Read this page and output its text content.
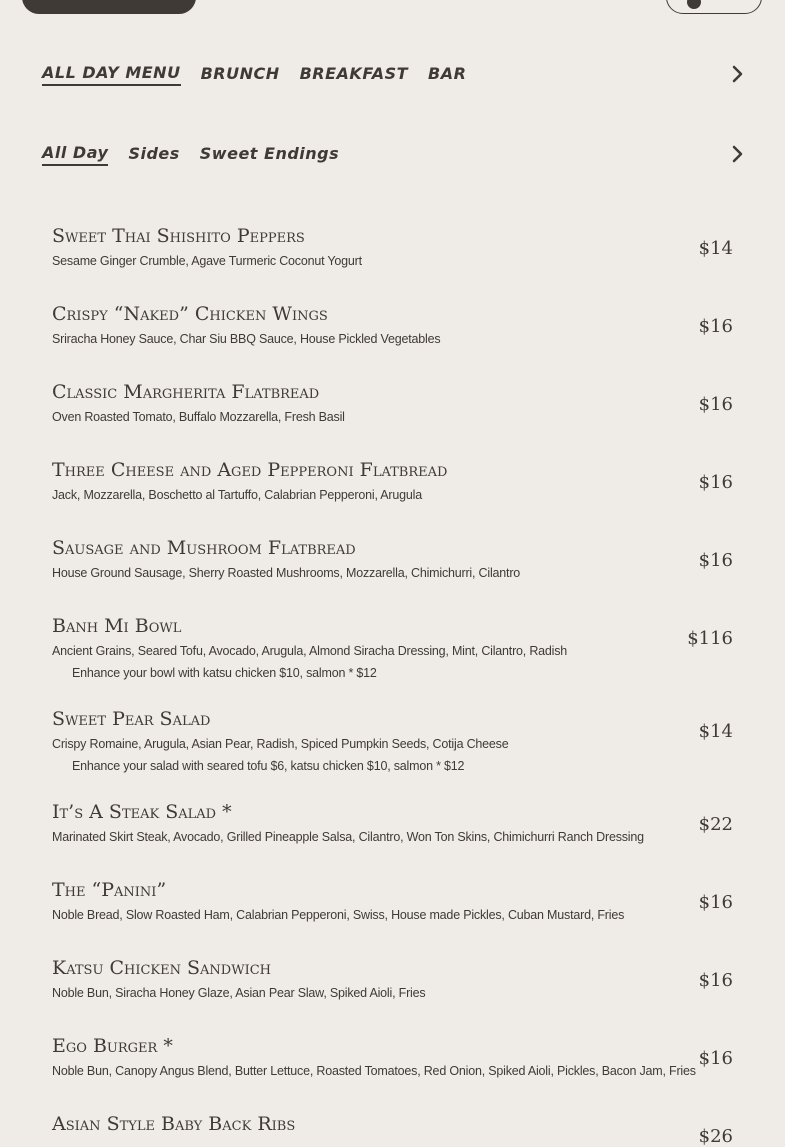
ALL DAY MENU BRUNCH BREAKFAST BAR
All Day Sides Sweet Endings
Sweet Thai Shishito Peppers
Sesame Ginger Crumble, Agave Turmeric Coconut Yogurt
$14
Crispy “Naked” Chicken Wings
Sriracha Honey Sauce, Char Siu BBQ Sauce, House Pickled Vegetables
$16
Classic Margherita Flatbread
Oven Roasted Tomato, Buffalo Mozzarella, Fresh Basil
$16
Three Cheese and Aged Pepperoni Flatbread
Jack, Mozzarella, Boschetto al Tartuffo, Calabrian Pepperoni, Arugula
$16
Sausage and Mushroom Flatbread
House Ground Sausage, Sherry Roasted Mushrooms, Mozzarella, Chimichurri, Cilantro
$16
Banh Mi Bowl
Ancient Grains, Seared Tofu, Avocado, Arugula, Almond Siracha Dressing, Mint, Cilantro, Radish
Enhance your bowl with katsu chicken $10, salmon * $12
$116
Sweet Pear Salad
Crispy Romaine, Arugula, Asian Pear, Radish, Spiced Pumpkin Seeds, Cotija Cheese
Enhance your salad with seared tofu $6, katsu chicken $10, salmon * $12
$14
It’s A Steak Salad *
Marinated Skirt Steak, Avocado, Grilled Pineapple Salsa, Cilantro, Won Ton Skins, Chimichurri Ranch Dressing
$22
The “Panini”
Noble Bread, Slow Roasted Ham, Calabrian Pepperoni, Swiss, House made Pickles, Cuban Mustard, Fries
$16
Katsu Chicken Sandwich
Noble Bun, Siracha Honey Glaze, Asian Pear Slaw, Spiked Aioli, Fries
$16
Ego Burger *
Noble Bun, Canopy Angus Blend, Butter Lettuce, Roasted Tomatoes, Red Onion, Spiked Aioli, Pickles, Bacon Jam, Fries
$16
Asian Style Baby Back Ribs
$26
